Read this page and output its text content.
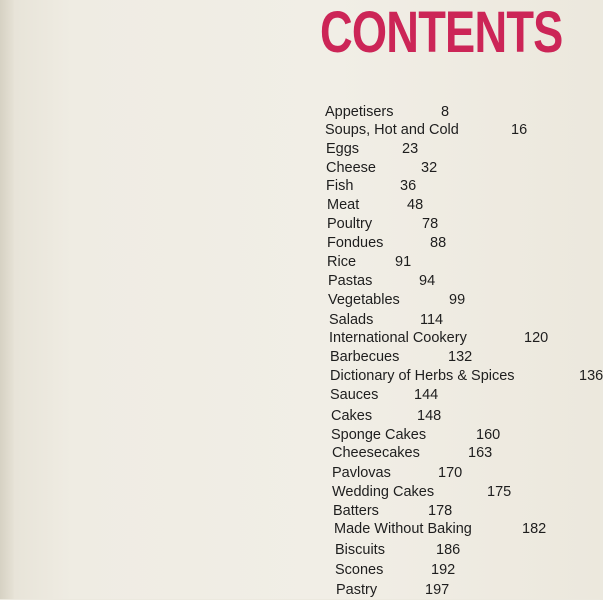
CONTENTS
Appetisers	8
Soups, Hot and Cold	16
Eggs	23
Cheese	32
Fish	36
Meat	48
Poultry	78
Fondues	88
Rice	91
Pastas	94
Vegetables	99
Salads	114
International Cookery	120
Barbecues	132
Dictionary of Herbs & Spices	136
Sauces 144
Cakes	148
Sponge Cakes	160
Cheesecakes	163
Pavlovas	170
Wedding Cakes	175
Batters	178
Made Without Baking	182
Biscuits	186
Scones	192
Pastry	197
